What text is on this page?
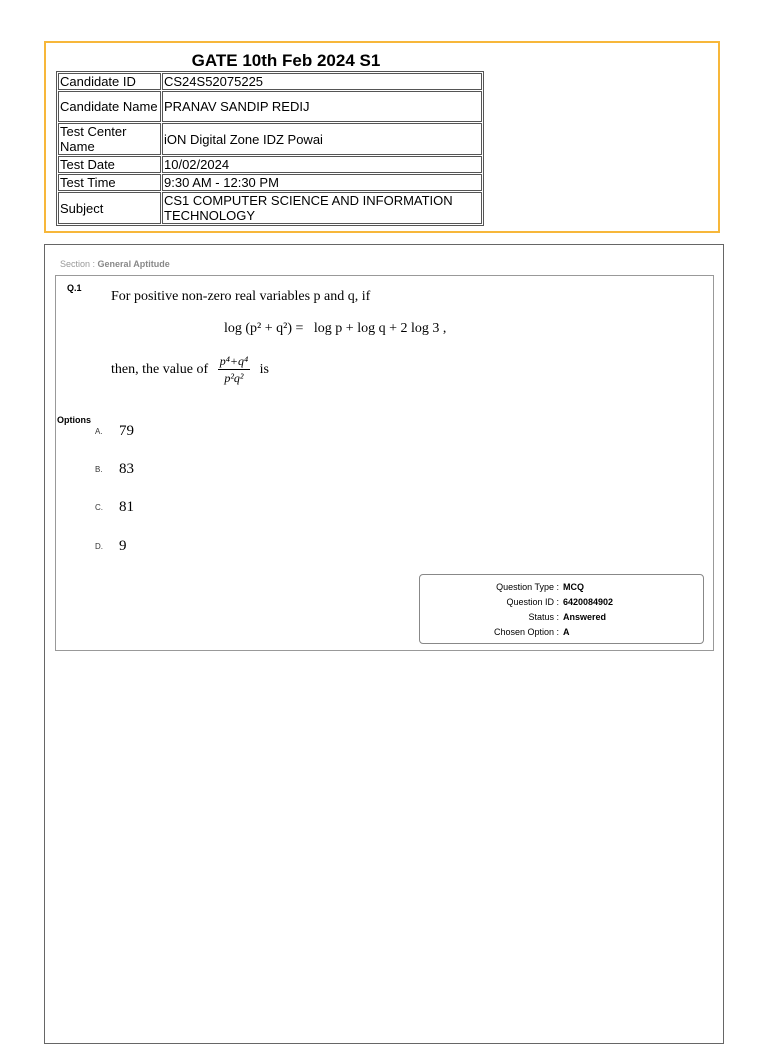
GATE 10th Feb 2024 S1
Candidate ID	CS24S52075225
Candidate Name	PRANAV SANDIP REDIJ
Test Center Name	iON Digital Zone IDZ Powai
Test Date	10/02/2024
Test Time	9:30 AM - 12:30 PM
Subject	CS1 COMPUTER SCIENCE AND INFORMATION TECHNOLOGY
Section : General Aptitude
Q.1
For positive non-zero real variables p and q, if
log (p² + q²) = log p + log q + 2 log 3 ,
then, the value of $\frac{\text{p⁴+q⁴}}{\text{p²q²}}$ is
Options
A. 79
B. 83
C. 81
D. 9
Question Type : MCQ
Question ID : 6420084902
Status : Answered
Chosen Option : A
